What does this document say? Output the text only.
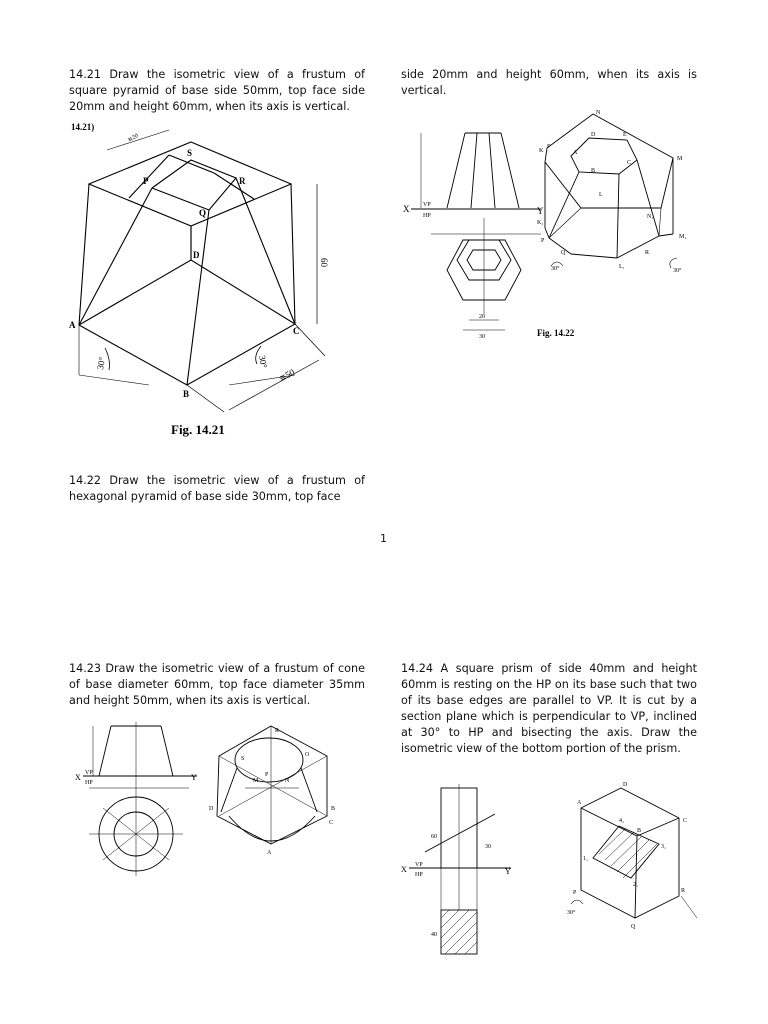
14.21 Draw the isometric view of a frustum of square pyramid of base side 50mm, top face side 20mm and height 60mm, when its axis is vertical.
side 20mm and height 60mm, when its axis is vertical.
14.22 Draw the isometric view of a frustum of hexagonal pyramid of base side 30mm, top face
1
14.21)
≅20
S
P	R
Q
D
A
B
C
60
≅50
30°	30°
Fig. 14.21
X	Y
VP
HP
N
E
K
M
A
B
C
D
L
P
Q	R
F
L₁
M₁
K₁
N₁
20
30
30°	30°
Fig. 14.22
14.23 Draw the isometric view of a frustum of cone of base diameter 60mm, top face diameter 35mm and height 50mm, when its axis is vertical.
14.24 A square prism of side 40mm and height 60mm is resting on the HP on its base such that two of its base edges are parallel to VP. It is cut by a section plane which is perpendicular to VP, inclined at 30° to HP and bisecting the axis. Draw the isometric view of the bottom portion of the prism.
X	Y
VP
HP
R
O
S
M
P
N
D	B
A
C
X	Y
VP
HP
D
A
C
B
P
Q
R
1₁
3₁
2₁
4₁
60
30
40
30°
